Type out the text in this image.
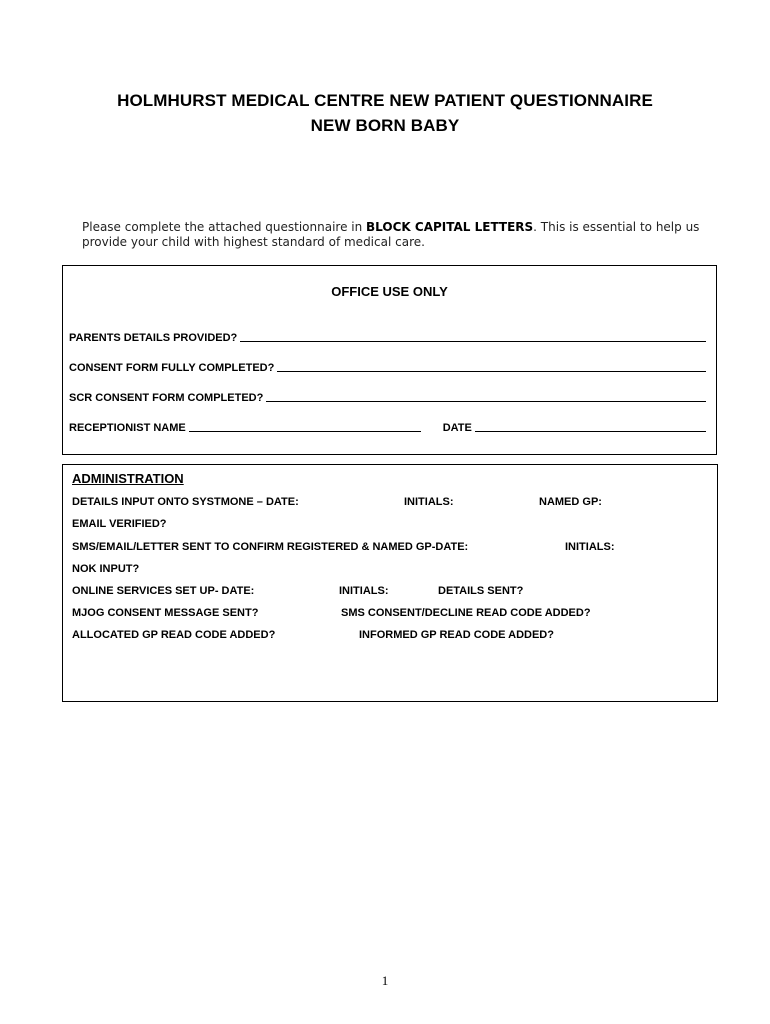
HOLMHURST MEDICAL CENTRE NEW PATIENT QUESTIONNAIRE
NEW BORN BABY
Please complete the attached questionnaire in BLOCK CAPITAL LETTERS. This is essential to help us
provide your child with highest standard of medical care.
OFFICE USE ONLY
PARENTS DETAILS PROVIDED?
CONSENT FORM FULLY COMPLETED?
SCR CONSENT FORM COMPLETED?
RECEPTIONIST NAME	DATE
ADMINISTRATION
DETAILS INPUT ONTO SYSTMONE – DATE:	INITIALS:	NAMED GP:
EMAIL VERIFIED?
SMS/EMAIL/LETTER SENT TO CONFIRM REGISTERED & NAMED GP-DATE:	INITIALS:
NOK INPUT?
ONLINE SERVICES SET UP- DATE:	INITIALS:	DETAILS SENT?
MJOG CONSENT MESSAGE SENT?	SMS CONSENT/DECLINE READ CODE ADDED?
ALLOCATED GP READ CODE ADDED?	INFORMED GP READ CODE ADDED?
1
